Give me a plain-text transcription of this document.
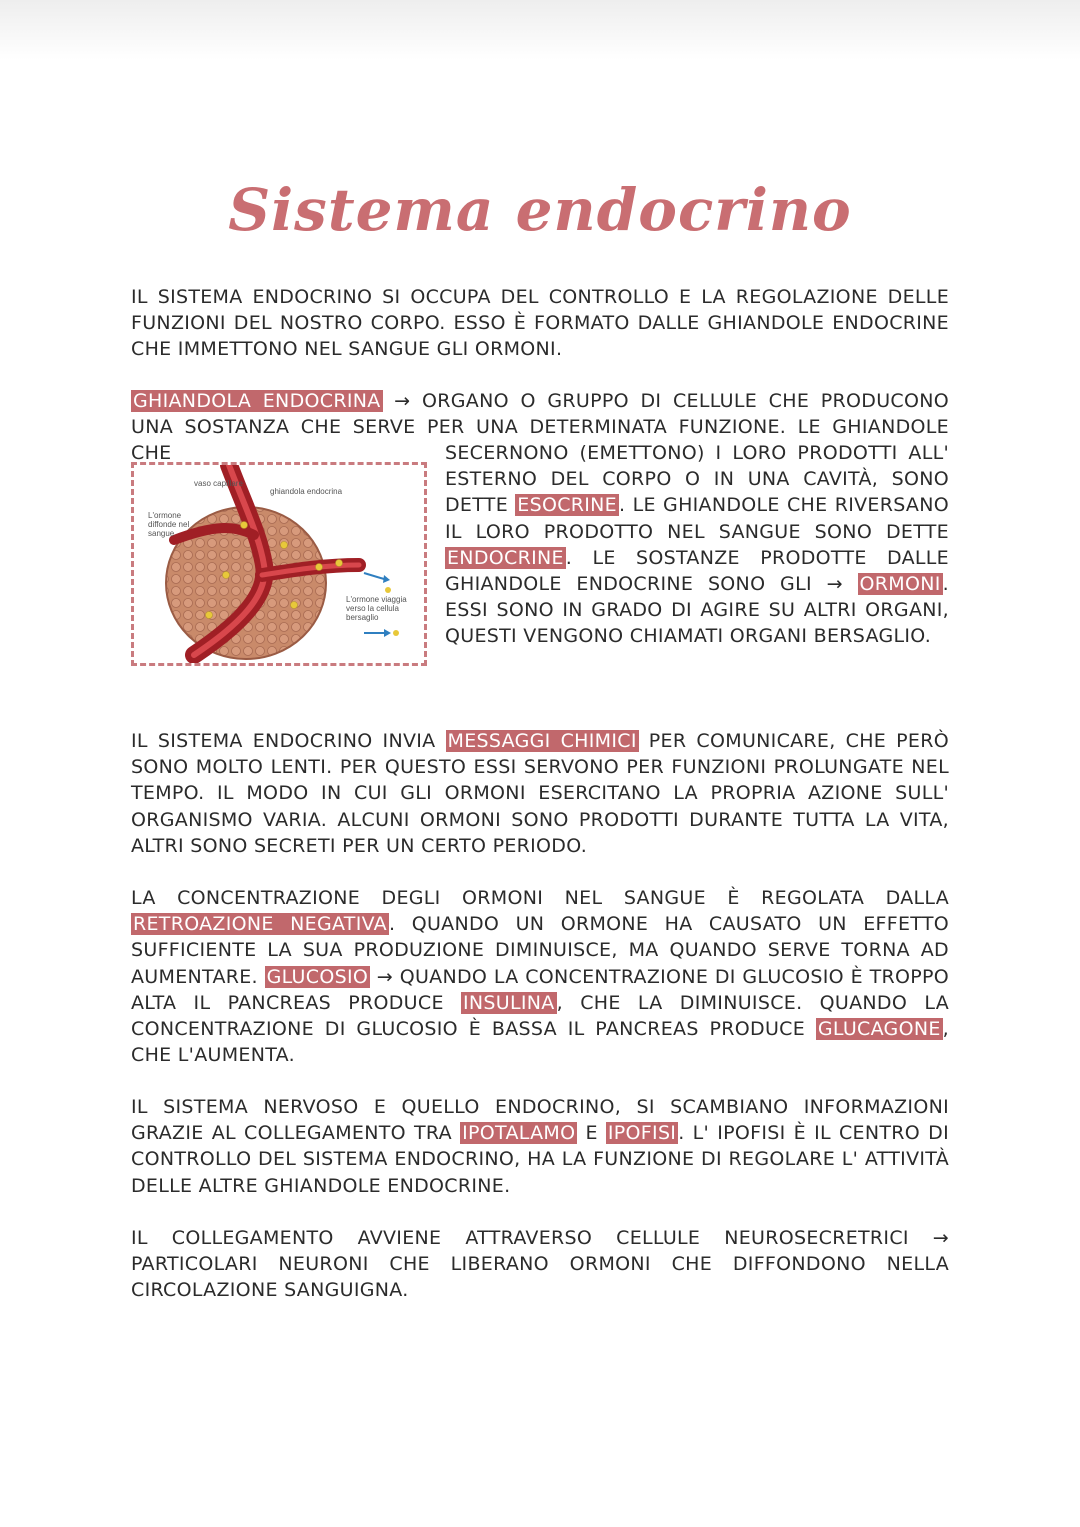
Sistema endocrino

IL SISTEMA ENDOCRINO SI OCCUPA DEL CONTROLLO E LA REGOLAZIONE DELLE FUNZIONI DEL NOSTRO CORPO. ESSO È FORMATO DALLE GHIANDOLE ENDOCRINE CHE IMMETTONO NEL SANGUE GLI ORMONI.

GHIANDOLA ENDOCRINA → ORGANO O GRUPPO DI CELLULE CHE PRODUCONO UNA SOSTANZA CHE SERVE PER UNA DETERMINATA FUNZIONE. LE GHIANDOLE CHE

vaso capillare

ghiandola endocrina

L'ormone diffonde nel sangue

L'ormone viaggia verso la cellula bersaglio

SECERNONO (EMETTONO) I LORO PRODOTTI ALL' ESTERNO DEL CORPO O IN UNA CAVITÀ, SONO DETTE ESOCRINE . LE GHIANDOLE CHE RIVERSANO IL LORO PRODOTTO NEL SANGUE SONO DETTE ENDOCRINE . LE SOSTANZE PRODOTTE DALLE GHIANDOLE ENDOCRINE SONO GLI → ORMONI . ESSI SONO IN GRADO DI AGIRE SU ALTRI ORGANI, QUESTI VENGONO CHIAMATI ORGANI BERSAGLIO.

IL SISTEMA ENDOCRINO INVIA MESSAGGI CHIMICI PER COMUNICARE, CHE PERÒ SONO MOLTO LENTI. PER QUESTO ESSI SERVONO PER FUNZIONI PROLUNGATE NEL TEMPO. IL MODO IN CUI GLI ORMONI ESERCITANO LA PROPRIA AZIONE SULL' ORGANISMO VARIA. ALCUNI ORMONI SONO PRODOTTI DURANTE TUTTA LA VITA, ALTRI SONO SECRETI PER UN CERTO PERIODO.

LA CONCENTRAZIONE DEGLI ORMONI NEL SANGUE È REGOLATA DALLA RETROAZIONE NEGATIVA . QUANDO UN ORMONE HA CAUSATO UN EFFETTO SUFFICIENTE LA SUA PRODUZIONE DIMINUISCE, MA QUANDO SERVE TORNA AD AUMENTARE. GLUCOSIO → QUANDO LA CONCENTRAZIONE DI GLUCOSIO È TROPPO ALTA IL PANCREAS PRODUCE INSULINA , CHE LA DIMINUISCE. QUANDO LA CONCENTRAZIONE DI GLUCOSIO È BASSA IL PANCREAS PRODUCE GLUCAGONE , CHE L'AUMENTA.

IL SISTEMA NERVOSO E QUELLO ENDOCRINO, SI SCAMBIANO INFORMAZIONI GRAZIE AL COLLEGAMENTO TRA IPOTALAMO E IPOFISI . L' IPOFISI È IL CENTRO DI CONTROLLO DEL SISTEMA ENDOCRINO, HA LA FUNZIONE DI REGOLARE L' ATTIVITÀ DELLE ALTRE GHIANDOLE ENDOCRINE.

IL COLLEGAMENTO AVVIENE ATTRAVERSO CELLULE NEUROSECRETRICI → PARTICOLARI NEURONI CHE LIBERANO ORMONI CHE DIFFONDONO NELLA CIRCOLAZIONE SANGUIGNA.
